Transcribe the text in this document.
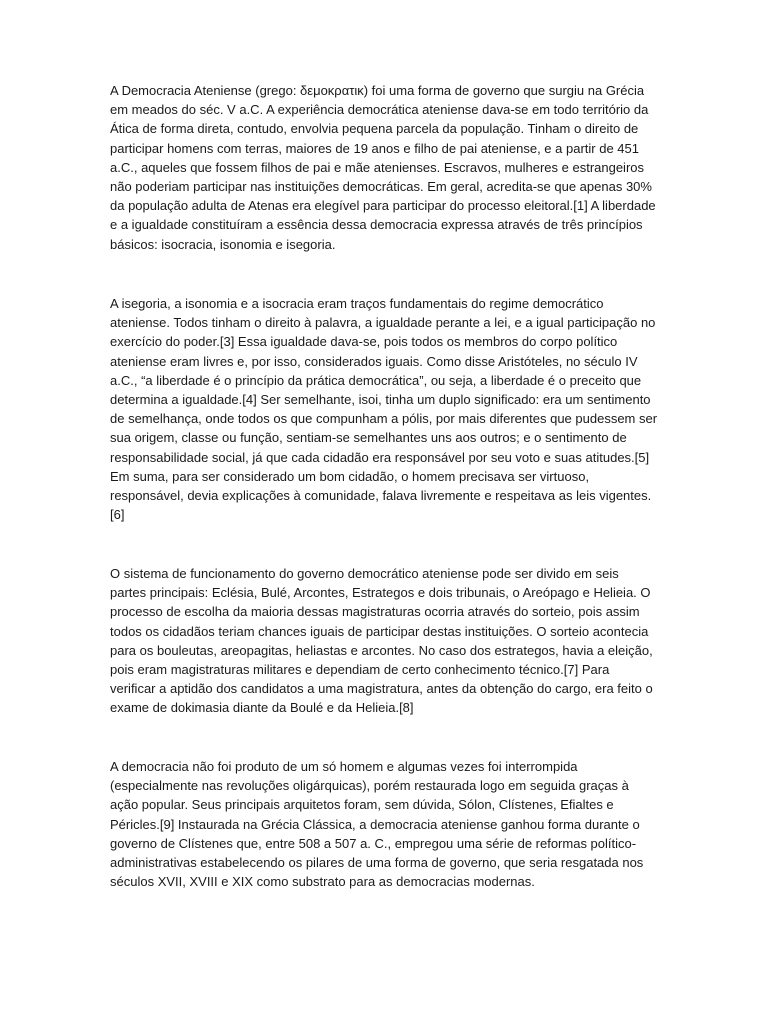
A Democracia Ateniense (grego: δεμοκρατικ) foi uma forma de governo que surgiu na Grécia em meados do séc. V a.C. A experiência democrática ateniense dava-se em todo território da Ática de forma direta, contudo, envolvia pequena parcela da população. Tinham o direito de participar homens com terras, maiores de 19 anos e filho de pai ateniense, e a partir de 451 a.C., aqueles que fossem filhos de pai e mãe atenienses. Escravos, mulheres e estrangeiros não poderiam participar nas instituições democráticas. Em geral, acredita-se que apenas 30% da população adulta de Atenas era elegível para participar do processo eleitoral.[1] A liberdade e a igualdade constituíram a essência dessa democracia expressa através de três princípios básicos: isocracia, isonomia e isegoria.

A isegoria, a isonomia e a isocracia eram traços fundamentais do regime democrático ateniense. Todos tinham o direito à palavra, a igualdade perante a lei, e a igual participação no exercício do poder.[3] Essa igualdade dava-se, pois todos os membros do corpo político ateniense eram livres e, por isso, considerados iguais. Como disse Aristóteles, no século IV a.C., “a liberdade é o princípio da prática democrática”, ou seja, a liberdade é o preceito que determina a igualdade.[4] Ser semelhante, isoi, tinha um duplo significado: era um sentimento de semelhança, onde todos os que compunham a pólis, por mais diferentes que pudessem ser sua origem, classe ou função, sentiam-se semelhantes uns aos outros; e o sentimento de responsabilidade social, já que cada cidadão era responsável por seu voto e suas atitudes.[5] Em suma, para ser considerado um bom cidadão, o homem precisava ser virtuoso, responsável, devia explicações à comunidade, falava livremente e respeitava as leis vigentes.[6]

O sistema de funcionamento do governo democrático ateniense pode ser divido em seis partes principais: Eclésia, Bulé, Arcontes, Estrategos e dois tribunais, o Areópago e Helieia. O processo de escolha da maioria dessas magistraturas ocorria através do sorteio, pois assim todos os cidadãos teriam chances iguais de participar destas instituições. O sorteio acontecia para os bouleutas, areopagitas, heliastas e arcontes. No caso dos estrategos, havia a eleição, pois eram magistraturas militares e dependiam de certo conhecimento técnico.[7] Para verificar a aptidão dos candidatos a uma magistratura, antes da obtenção do cargo, era feito o exame de dokimasia diante da Boulé e da Helieia.[8]

A democracia não foi produto de um só homem e algumas vezes foi interrompida (especialmente nas revoluções oligárquicas), porém restaurada logo em seguida graças à ação popular. Seus principais arquitetos foram, sem dúvida, Sólon, Clístenes, Efialtes e Péricles.[9] Instaurada na Grécia Clássica, a democracia ateniense ganhou forma durante o governo de Clístenes que, entre 508 a 507 a. C., empregou uma série de reformas político-administrativas estabelecendo os pilares de uma forma de governo, que seria resgatada nos séculos XVII, XVIII e XIX como substrato para as democracias modernas.
